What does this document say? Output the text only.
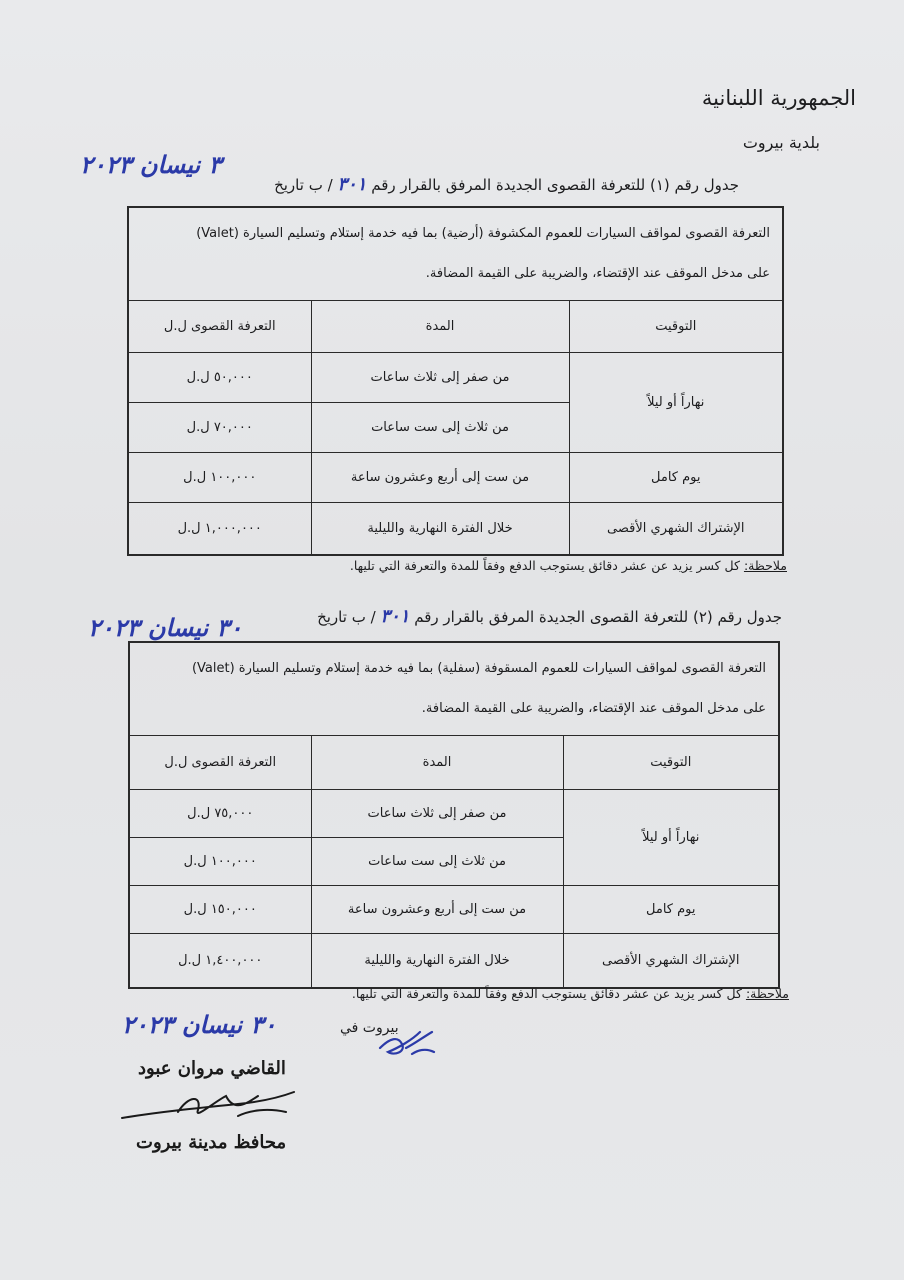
الجمهورية اللبنانية
بلدية بيروت
جدول رقم (١) للتعرفة القصوى الجديدة المرفق بالقرار رقم ٣٠١ / ب تاريخ
٣ نيسان ٢٠٢٣
التعرفة القصوى لمواقف السيارات للعموم المكشوفة (أرضية) بما فيه خدمة إستلام وتسليم السيارة (Valet)
على مدخل الموقف عند الإقتضاء، والضريبة على القيمة المضافة.		

التوقيت	المدة	التعرفة القصوى ل.ل
نهاراً أو ليلاً	من صفر إلى ثلاث ساعات	٥٠,٠٠٠ ل.ل
	من ثلاث إلى ست ساعات	٧٠,٠٠٠ ل.ل
يوم كامل	من ست إلى أربع وعشرون ساعة	١٠٠,٠٠٠ ل.ل
الإشتراك الشهري الأقصى	خلال الفترة النهارية والليلية	١,٠٠٠,٠٠٠ ل.ل
ملاحظة: كل كسر يزيد عن عشر دقائق يستوجب الدفع وفقاً للمدة والتعرفة التي تليها.
جدول رقم (٢) للتعرفة القصوى الجديدة المرفق بالقرار رقم ٣٠١ / ب تاريخ
٣٠ نيسان ٢٠٢٣
التعرفة القصوى لمواقف السيارات للعموم المسقوفة (سفلية) بما فيه خدمة إستلام وتسليم السيارة (Valet)
على مدخل الموقف عند الإقتضاء، والضريبة على القيمة المضافة.		

التوقيت	المدة	التعرفة القصوى ل.ل
نهاراً أو ليلاً	من صفر إلى ثلاث ساعات	٧٥,٠٠٠ ل.ل
	من ثلاث إلى ست ساعات	١٠٠,٠٠٠ ل.ل
يوم كامل	من ست إلى أربع وعشرون ساعة	١٥٠,٠٠٠ ل.ل
الإشتراك الشهري الأقصى	خلال الفترة النهارية والليلية	١,٤٠٠,٠٠٠ ل.ل
ملاحظة: كل كسر يزيد عن عشر دقائق يستوجب الدفع وفقاً للمدة والتعرفة التي تليها.
بيروت في
٣٠ نيسان ٢٠٢٣
القاضي مروان عبود
محافظ مدينة بيروت
